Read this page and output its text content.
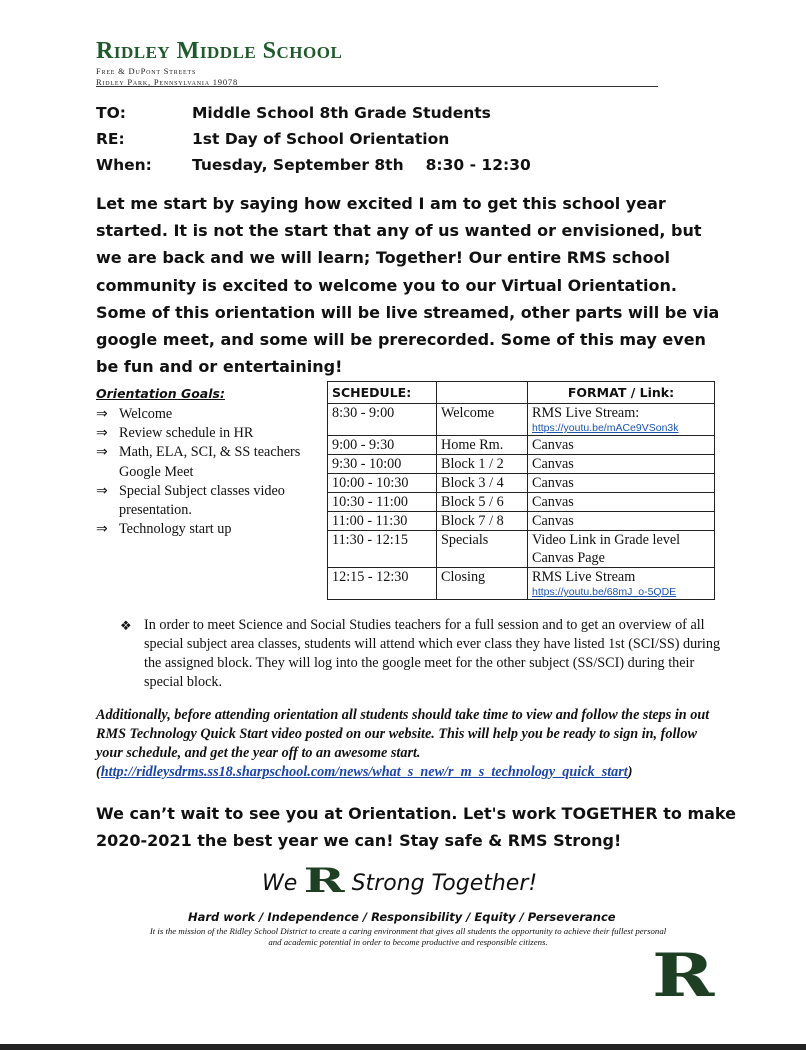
Ridley Middle School
Free & DuPont Streets
Ridley Park, Pennsylvania 19078
TO:	Middle School 8th Grade Students
RE:	1st Day of School Orientation
When:	Tuesday, September 8th 8:30 - 12:30
Let me start by saying how excited I am to get this school year started. It is not the start that any of us wanted or envisioned, but we are back and we will learn; Together! Our entire RMS school community is excited to welcome you to our Virtual Orientation. Some of this orientation will be live streamed, other parts will be via google meet, and some will be prerecorded. Some of this may even be fun and or entertaining!
Orientation Goals:
⇒ Welcome
⇒ Review schedule in HR
⇒ Math, ELA, SCI, & SS teachers Google Meet
⇒ Special Subject classes video presentation.
⇒ Technology start up
SCHEDULE:		FORMAT / Link:
8:30 - 9:00	Welcome	RMS Live Stream:
https://youtu.be/mACe9VSon3k

9:00 - 9:30	Home Rm.	Canvas
9:30 - 10:00	Block 1 / 2	Canvas
10:00 - 10:30	Block 3 / 4	Canvas
10:30 - 11:00	Block 5 / 6	Canvas
11:00 - 11:30	Block 7 / 8	Canvas
11:30 - 12:15	Specials	Video Link in Grade level Canvas Page
12:15 - 12:30	Closing	RMS Live Stream
https://youtu.be/68mJ_o-5QDE
❖ In order to meet Science and Social Studies teachers for a full session and to get an overview of all special subject area classes, students will attend which ever class they have listed 1st (SCI/SS) during the assigned block. They will log into the google meet for the other subject (SS/SCI) during their special block.
Additionally, before attending orientation all students should take time to view and follow the steps in out RMS Technology Quick Start video posted on our website. This will help you be ready to sign in, follow your schedule, and get the year off to an awesome start. (http://ridleysdrms.ss18.sharpschool.com/news/what_s_new/r_m_s_technology_quick_start)
We can’t wait to see you at Orientation. Let's work TOGETHER to make 2020-2021 the best year we can! Stay safe & RMS Strong!
We R Strong Together!
Hard work / Independence / Responsibility / Equity / Perseverance
It is the mission of the Ridley School District to create a caring environment that gives all students the opportunity to achieve their fullest personal and academic potential in order to become productive and responsible citizens.	R
